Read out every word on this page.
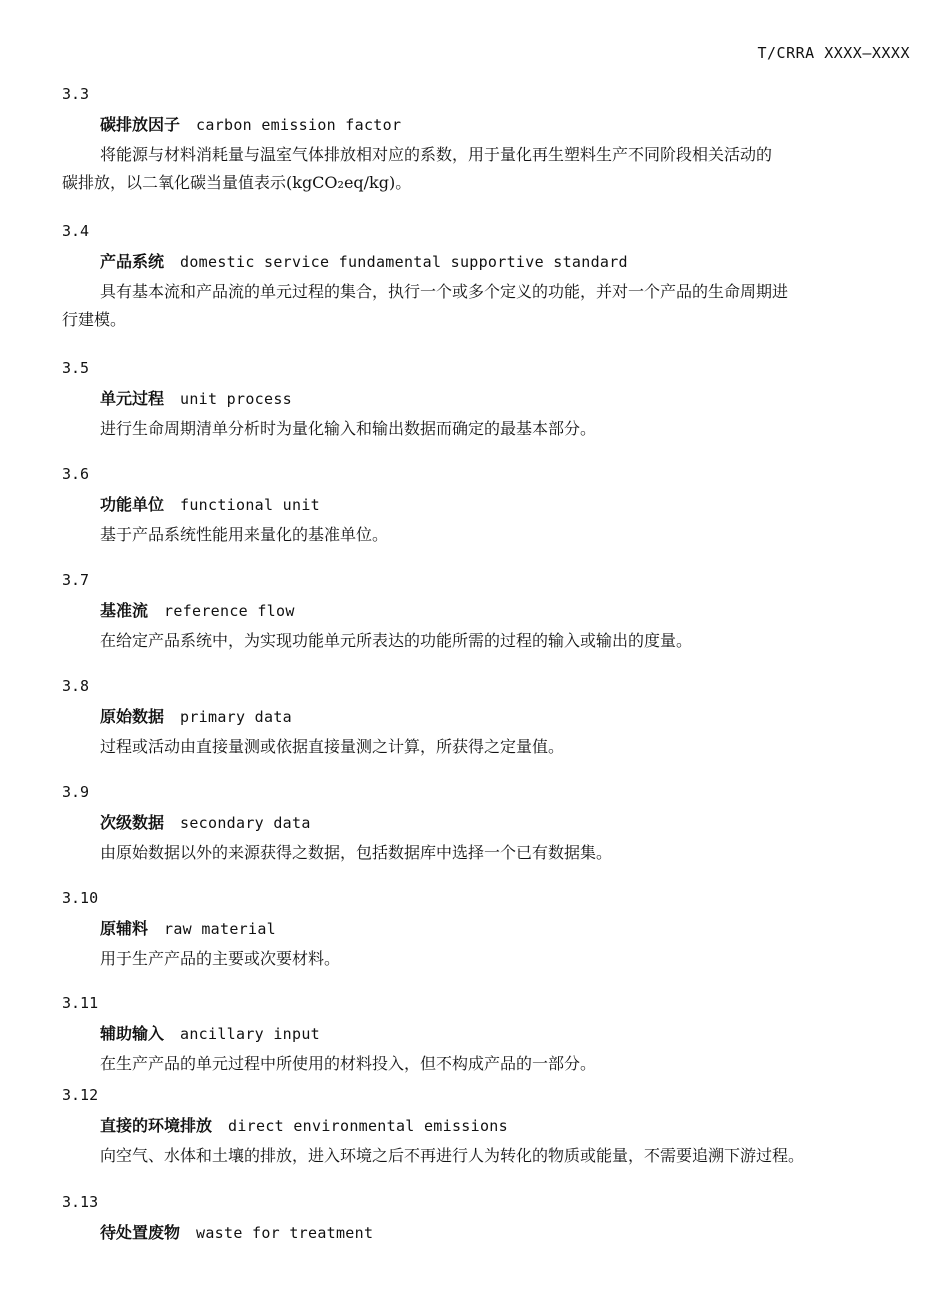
T/CRRA XXXX—XXXX
3.3
碳排放因子 carbon emission factor
将能源与材料消耗量与温室气体排放相对应的系数，用于量化再生塑料生产不同阶段相关活动的
碳排放，以二氧化碳当量值表示(kgCO₂eq/kg)。
3.4
产品系统 domestic service fundamental supportive standard
具有基本流和产品流的单元过程的集合，执行一个或多个定义的功能，并对一个产品的生命周期进
行建模。
3.5
单元过程 unit process
进行生命周期清单分析时为量化输入和输出数据而确定的最基本部分。
3.6
功能单位 functional unit
基于产品系统性能用来量化的基准单位。
3.7
基准流 reference flow
在给定产品系统中，为实现功能单元所表达的功能所需的过程的输入或输出的度量。
3.8
原始数据 primary data
过程或活动由直接量测或依据直接量测之计算，所获得之定量值。
3.9
次级数据 secondary data
由原始数据以外的来源获得之数据，包括数据库中选择一个已有数据集。
3.10
原辅料 raw material
用于生产产品的主要或次要材料。
3.11
辅助输入 ancillary input
在生产产品的单元过程中所使用的材料投入，但不构成产品的一部分。
3.12
直接的环境排放 direct environmental emissions
向空气、水体和土壤的排放，进入环境之后不再进行人为转化的物质或能量，不需要追溯下游过程。
3.13
待处置废物 waste for treatment
